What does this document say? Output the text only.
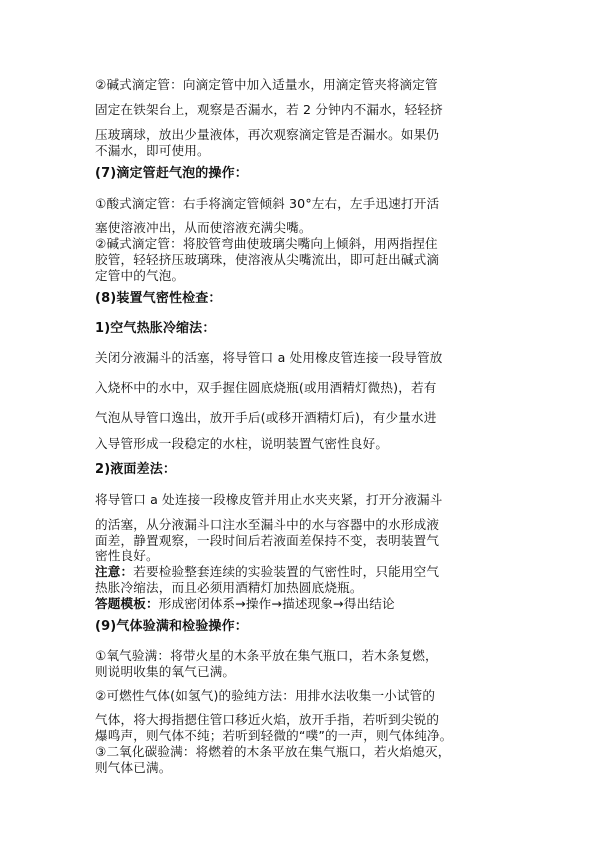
②碱式滴定管：向滴定管中加入适量水，用滴定管夹将滴定管
固定在铁架台上，观察是否漏水，若 2 分钟内不漏水，轻轻挤
压玻璃球，放出少量液体，再次观察滴定管是否漏水。如果仍
不漏水，即可使用。
(7)滴定管赶气泡的操作：
①酸式滴定管：右手将滴定管倾斜 30°左右，左手迅速打开活
塞使溶液冲出，从而使溶液充满尖嘴。
②碱式滴定管：将胶管弯曲使玻璃尖嘴向上倾斜，用两指捏住
胶管，轻轻挤压玻璃珠，使溶液从尖嘴流出，即可赶出碱式滴
定管中的气泡。
(8)装置气密性检查：
1)空气热胀冷缩法：
关闭分液漏斗的活塞，将导管口 a 处用橡皮管连接一段导管放
入烧杯中的水中，双手握住圆底烧瓶(或用酒精灯微热)，若有
气泡从导管口逸出，放开手后(或移开酒精灯后)，有少量水进
入导管形成一段稳定的水柱，说明装置气密性良好。
2)液面差法：
将导管口 a 处连接一段橡皮管并用止水夹夹紧，打开分液漏斗
的活塞，从分液漏斗口注水至漏斗中的水与容器中的水形成液
面差，静置观察，一段时间后若液面差保持不变，表明装置气
密性良好。
注意：若要检验整套连续的实验装置的气密性时，只能用空气
热胀冷缩法，而且必须用酒精灯加热圆底烧瓶。
答题模板：形成密闭体系→操作→描述现象→得出结论
(9)气体验满和检验操作：
①氧气验满：将带火星的木条平放在集气瓶口，若木条复燃，
则说明收集的氧气已满。
②可燃性气体(如氢气)的验纯方法：用排水法收集一小试管的
气体，将大拇指摁住管口移近火焰，放开手指，若听到尖锐的
爆鸣声，则气体不纯；若听到轻微的“噗”的一声，则气体纯净。
③二氧化碳验满：将燃着的木条平放在集气瓶口，若火焰熄灭，
则气体已满。
